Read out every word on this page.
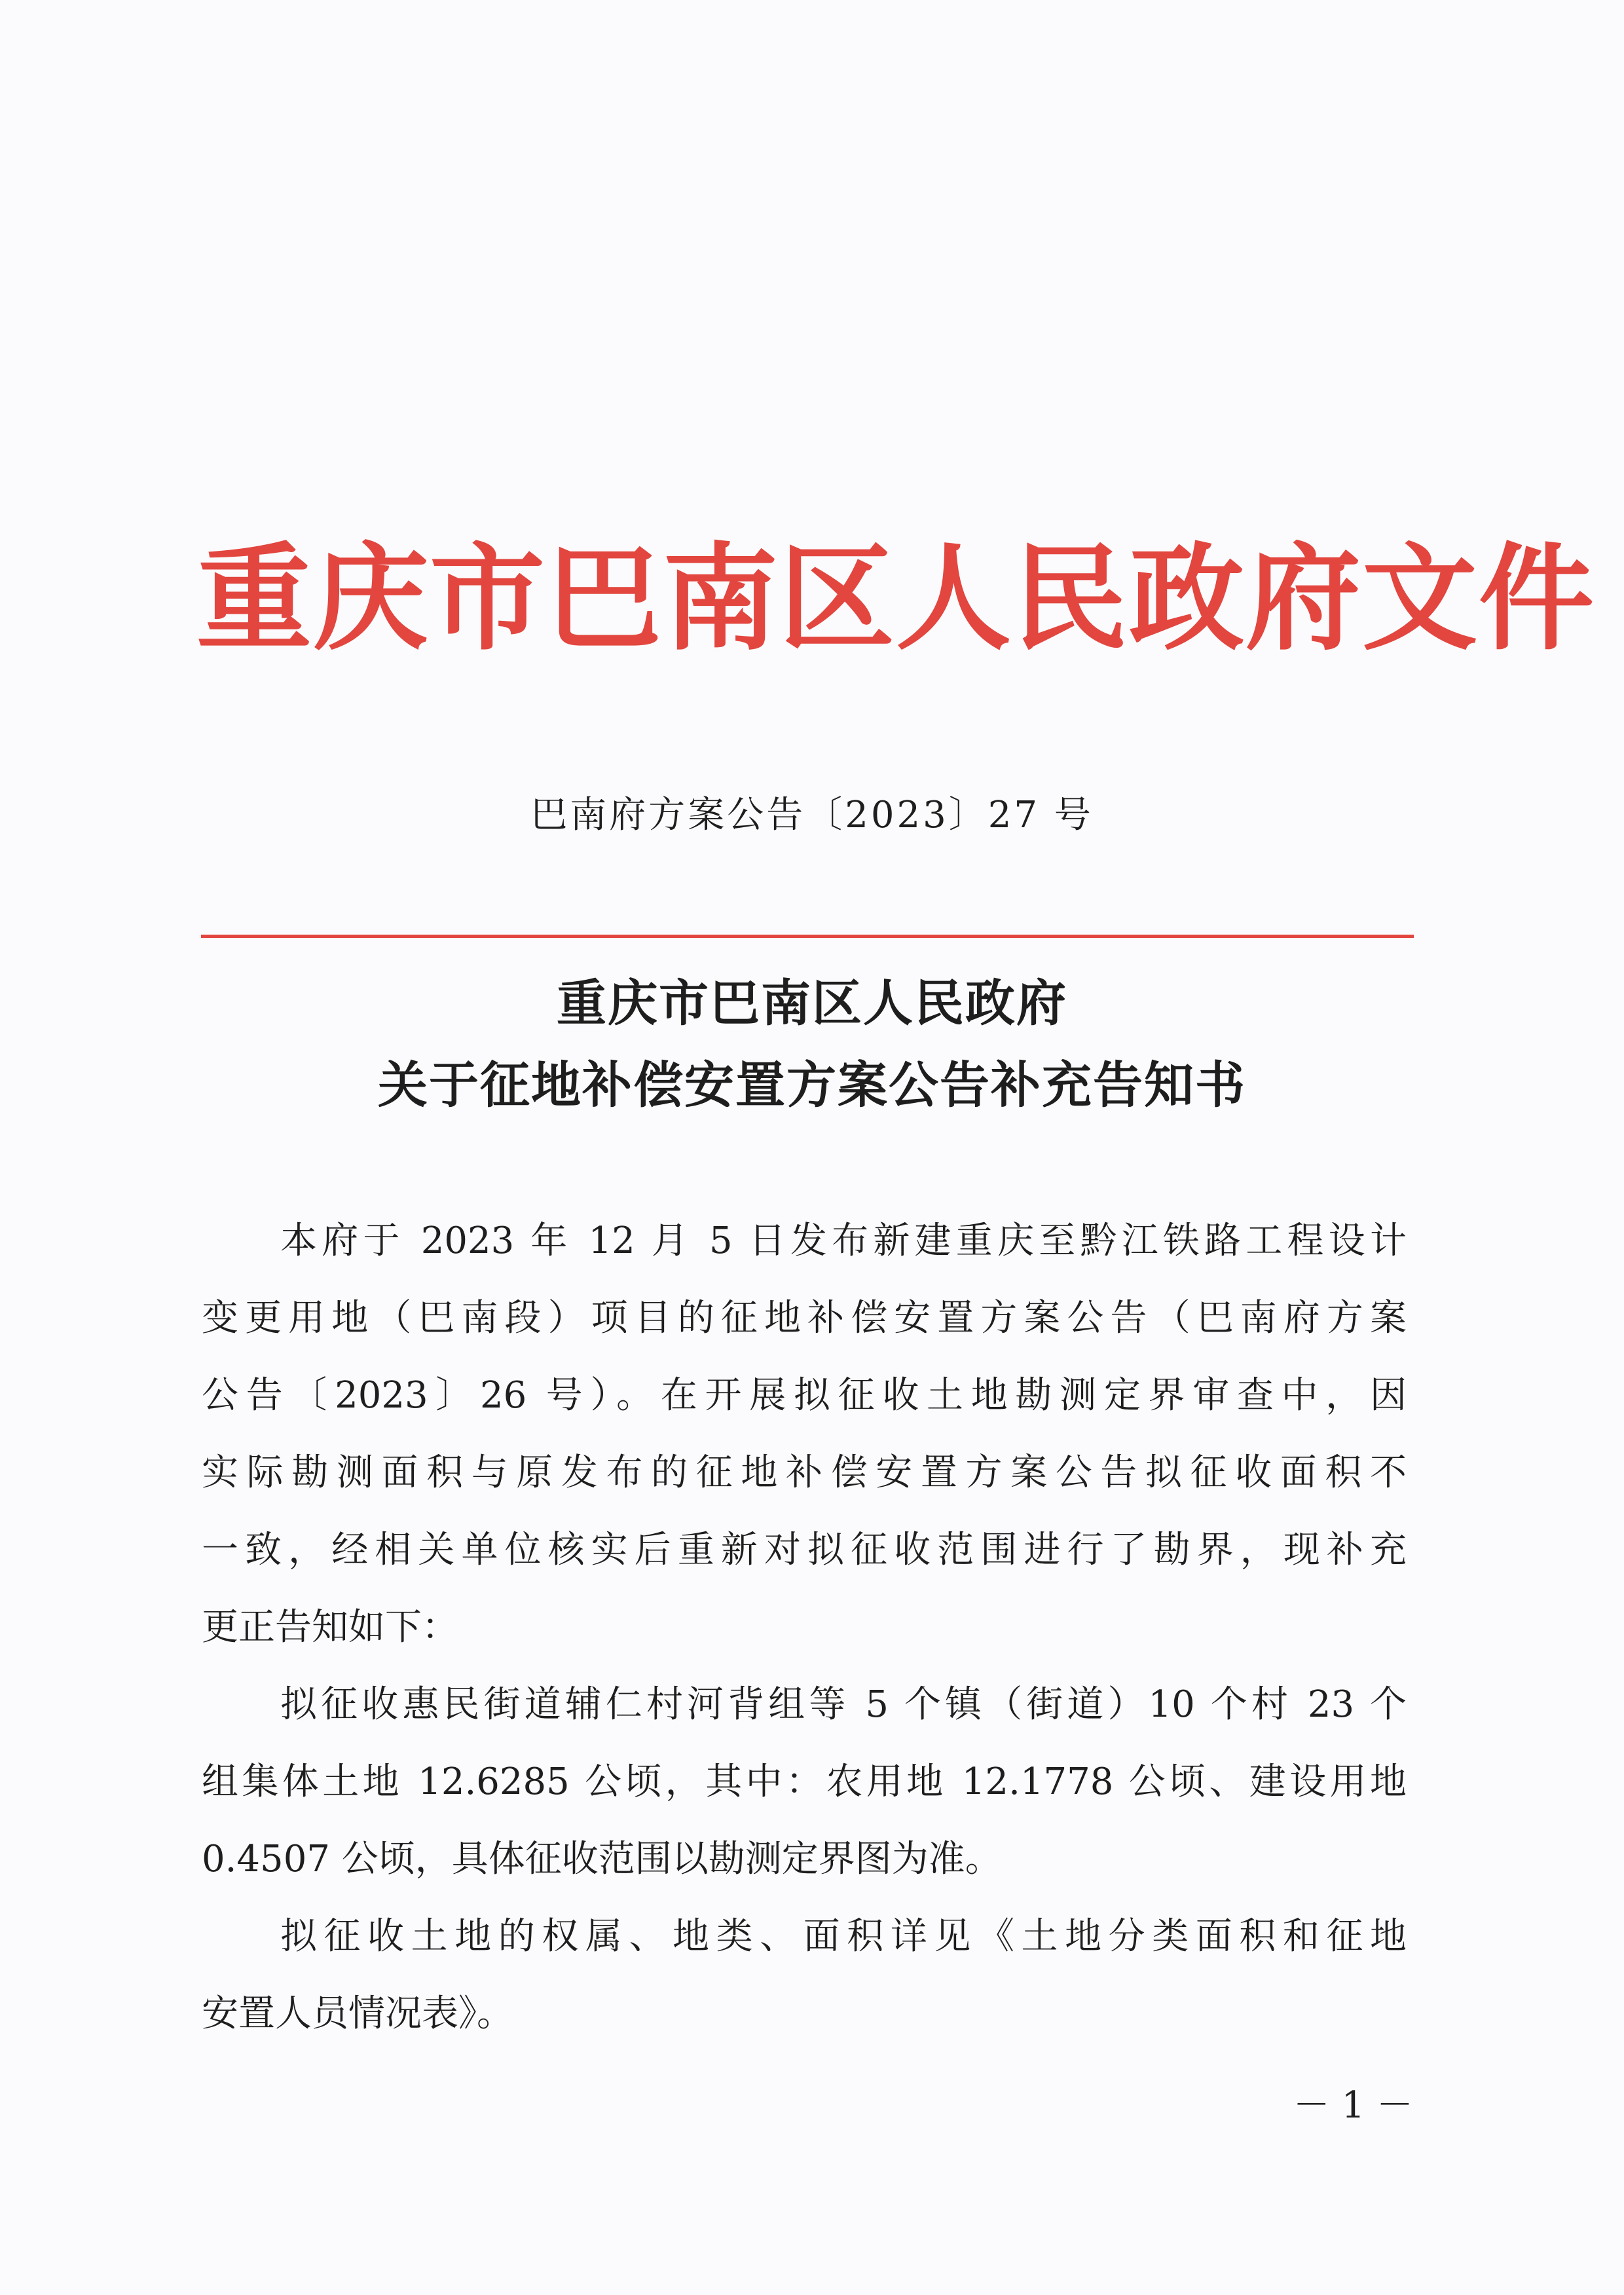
重庆市巴南区人民政府文件
巴南府方案公告〔2023〕27 号
重庆市巴南区人民政府
关于征地补偿安置方案公告补充告知书
本府于 2023 年 12 月 5 日发布新建重庆至黔江铁路工程设计
变更用地（巴南段）项目的征地补偿安置方案公告（巴南府方案
公告〔2023〕26 号）。在开展拟征收土地勘测定界审查中，因
实际勘测面积与原发布的征地补偿安置方案公告拟征收面积不
一致，经相关单位核实后重新对拟征收范围进行了勘界，现补充
更正告知如下：
拟征收惠民街道辅仁村河背组等 5 个镇（街道）10 个村 23 个
组集体土地 12.6285 公顷，其中：农用地 12.1778 公顷、建设用地
0.4507 公顷，具体征收范围以勘测定界图为准。
拟征收土地的权属、地类、面积详见《土地分类面积和征地
安置人员情况表》。
－ 1 －
